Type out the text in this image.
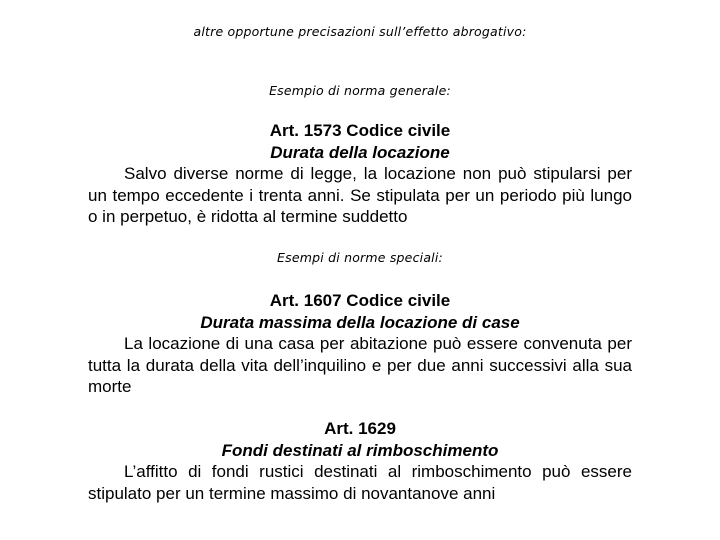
altre opportune precisazioni sull’effetto abrogativo:
Esempio di norma generale:
Art. 1573 Codice civile
Durata della locazione
Salvo diverse norme di legge, la locazione non può stipularsi per un tempo eccedente i trenta anni. Se stipulata per un periodo più lungo o in perpetuo, è ridotta al termine suddetto
Esempi di norme speciali:
Art. 1607 Codice civile
Durata massima della locazione di case
La locazione di una casa per abitazione può essere convenuta per tutta la durata della vita dell’inquilino e per due anni successivi alla sua morte
Art. 1629
Fondi destinati al rimboschimento
L’affitto di fondi rustici destinati al rimboschimento può essere stipulato per un termine massimo di novantanove anni
